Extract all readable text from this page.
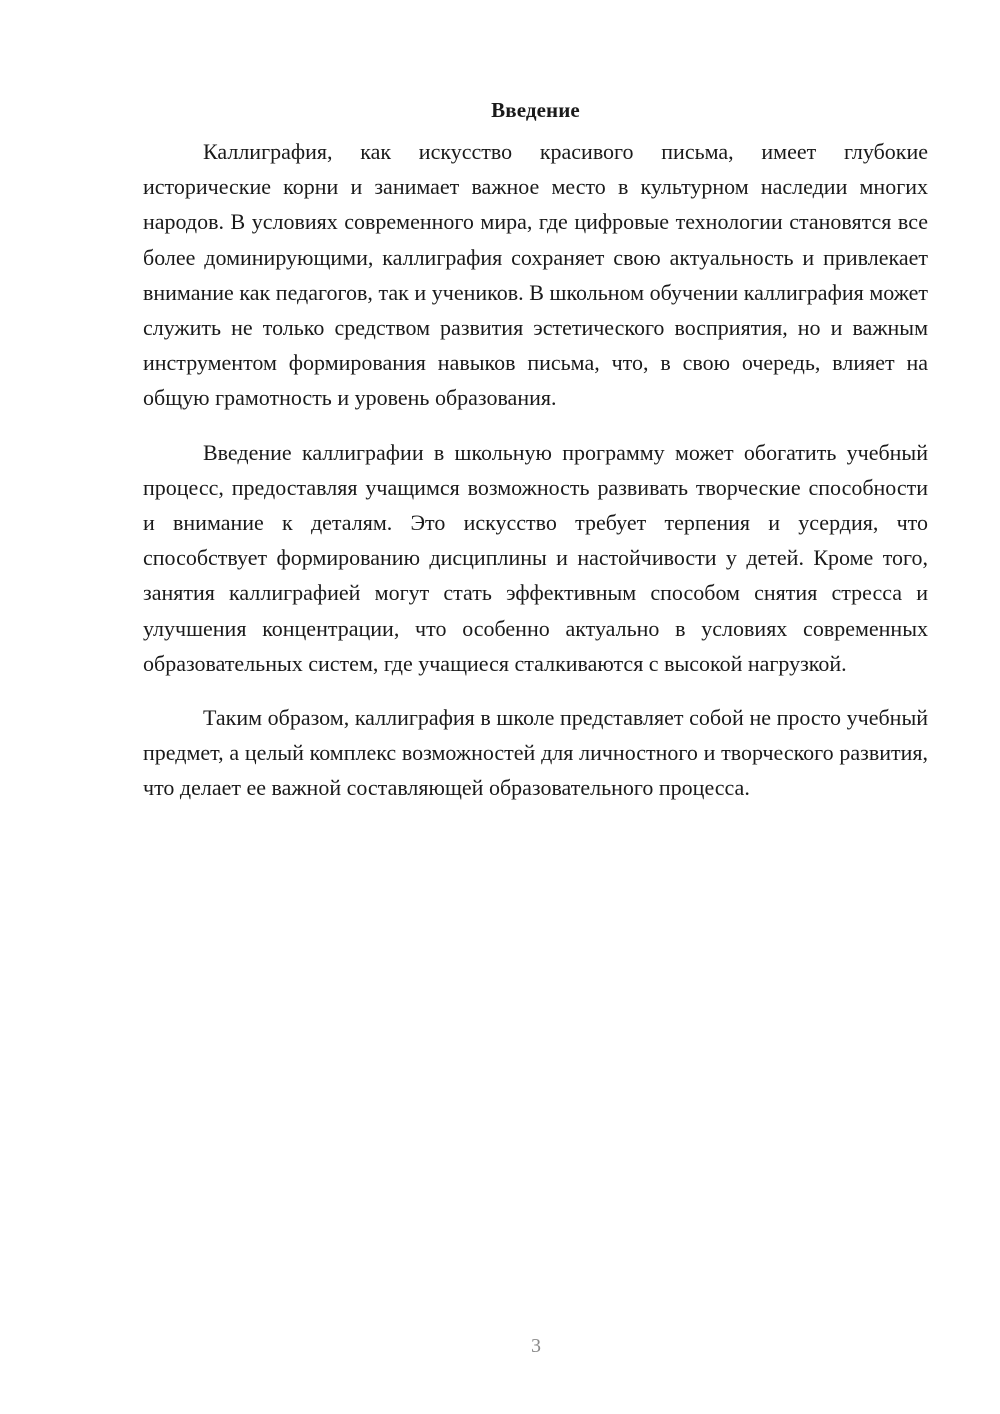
Введение

Каллиграфия, как искусство красивого письма, имеет глубокие исторические корни и занимает важное место в культурном наследии многих народов. В условиях современного мира, где цифровые технологии становятся все более доминирующими, каллиграфия сохраняет свою актуальность и привлекает внимание как педагогов, так и учеников. В школьном обучении каллиграфия может служить не только средством развития эстетического восприятия, но и важным инструментом формирования навыков письма, что, в свою очередь, влияет на общую грамотность и уровень образования.

Введение каллиграфии в школьную программу может обогатить учебный процесс, предоставляя учащимся возможность развивать творческие способности и внимание к деталям. Это искусство требует терпения и усердия, что способствует формированию дисциплины и настойчивости у детей. Кроме того, занятия каллиграфией могут стать эффективным способом снятия стресса и улучшения концентрации, что особенно актуально в условиях современных образовательных систем, где учащиеся сталкиваются с высокой нагрузкой.

Таким образом, каллиграфия в школе представляет собой не просто учебный предмет, а целый комплекс возможностей для личностного и творческого развития, что делает ее важной составляющей образовательного процесса.

3
